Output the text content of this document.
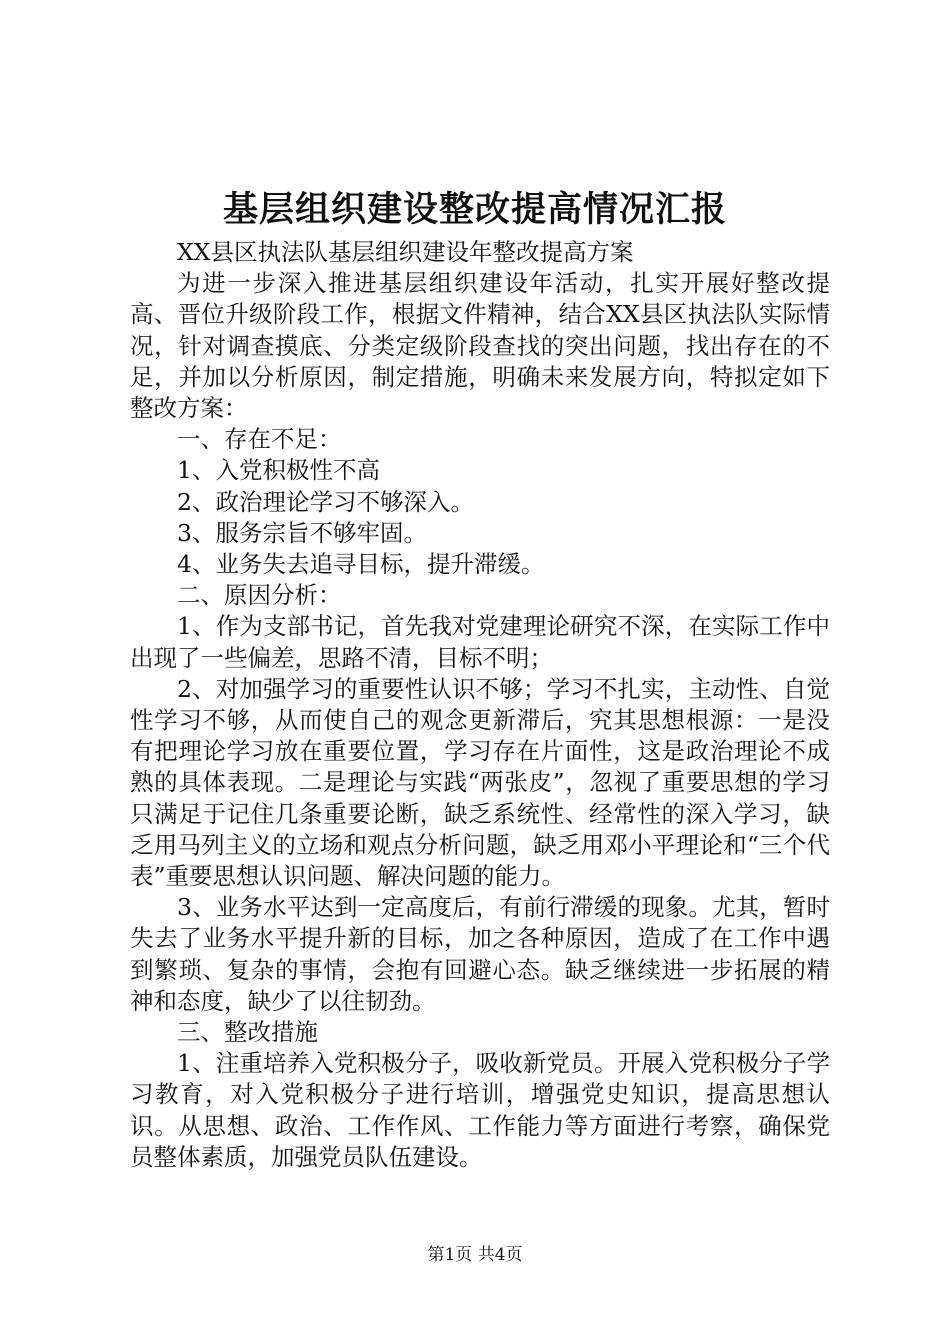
基层组织建设整改提高情况汇报

XX县区执法队基层组织建设年整改提高方案

为进一步深入推进基层组织建设年活动，扎实开展好整改提高、晋位升级阶段工作，根据文件精神，结合XX县区执法队实际情况，针对调查摸底、分类定级阶段查找的突出问题，找出存在的不足，并加以分析原因，制定措施，明确未来发展方向，特拟定如下整改方案：

一、存在不足：

1、入党积极性不高

2、政治理论学习不够深入。

3、服务宗旨不够牢固。

4、业务失去追寻目标，提升滞缓。

二、原因分析：

1、作为支部书记，首先我对党建理论研究不深，在实际工作中出现了一些偏差，思路不清，目标不明；

2、对加强学习的重要性认识不够；学习不扎实，主动性、自觉性学习不够，从而使自己的观念更新滞后，究其思想根源：一是没有把理论学习放在重要位置，学习存在片面性，这是政治理论不成熟的具体表现。二是理论与实践“两张皮”，忽视了重要思想的学习只满足于记住几条重要论断，缺乏系统性、经常性的深入学习，缺乏用马列主义的立场和观点分析问题，缺乏用邓小平理论和“三个代表”重要思想认识问题、解决问题的能力。

3、业务水平达到一定高度后，有前行滞缓的现象。尤其，暂时失去了业务水平提升新的目标，加之各种原因，造成了在工作中遇到繁琐、复杂的事情，会抱有回避心态。缺乏继续进一步拓展的精神和态度，缺少了以往韧劲。

三、整改措施

1、注重培养入党积极分子，吸收新党员。开展入党积极分子学习教育，对入党积极分子进行培训，增强党史知识，提高思想认识。从思想、政治、工作作风、工作能力等方面进行考察，确保党员整体素质，加强党员队伍建设。

第1页 共4页
